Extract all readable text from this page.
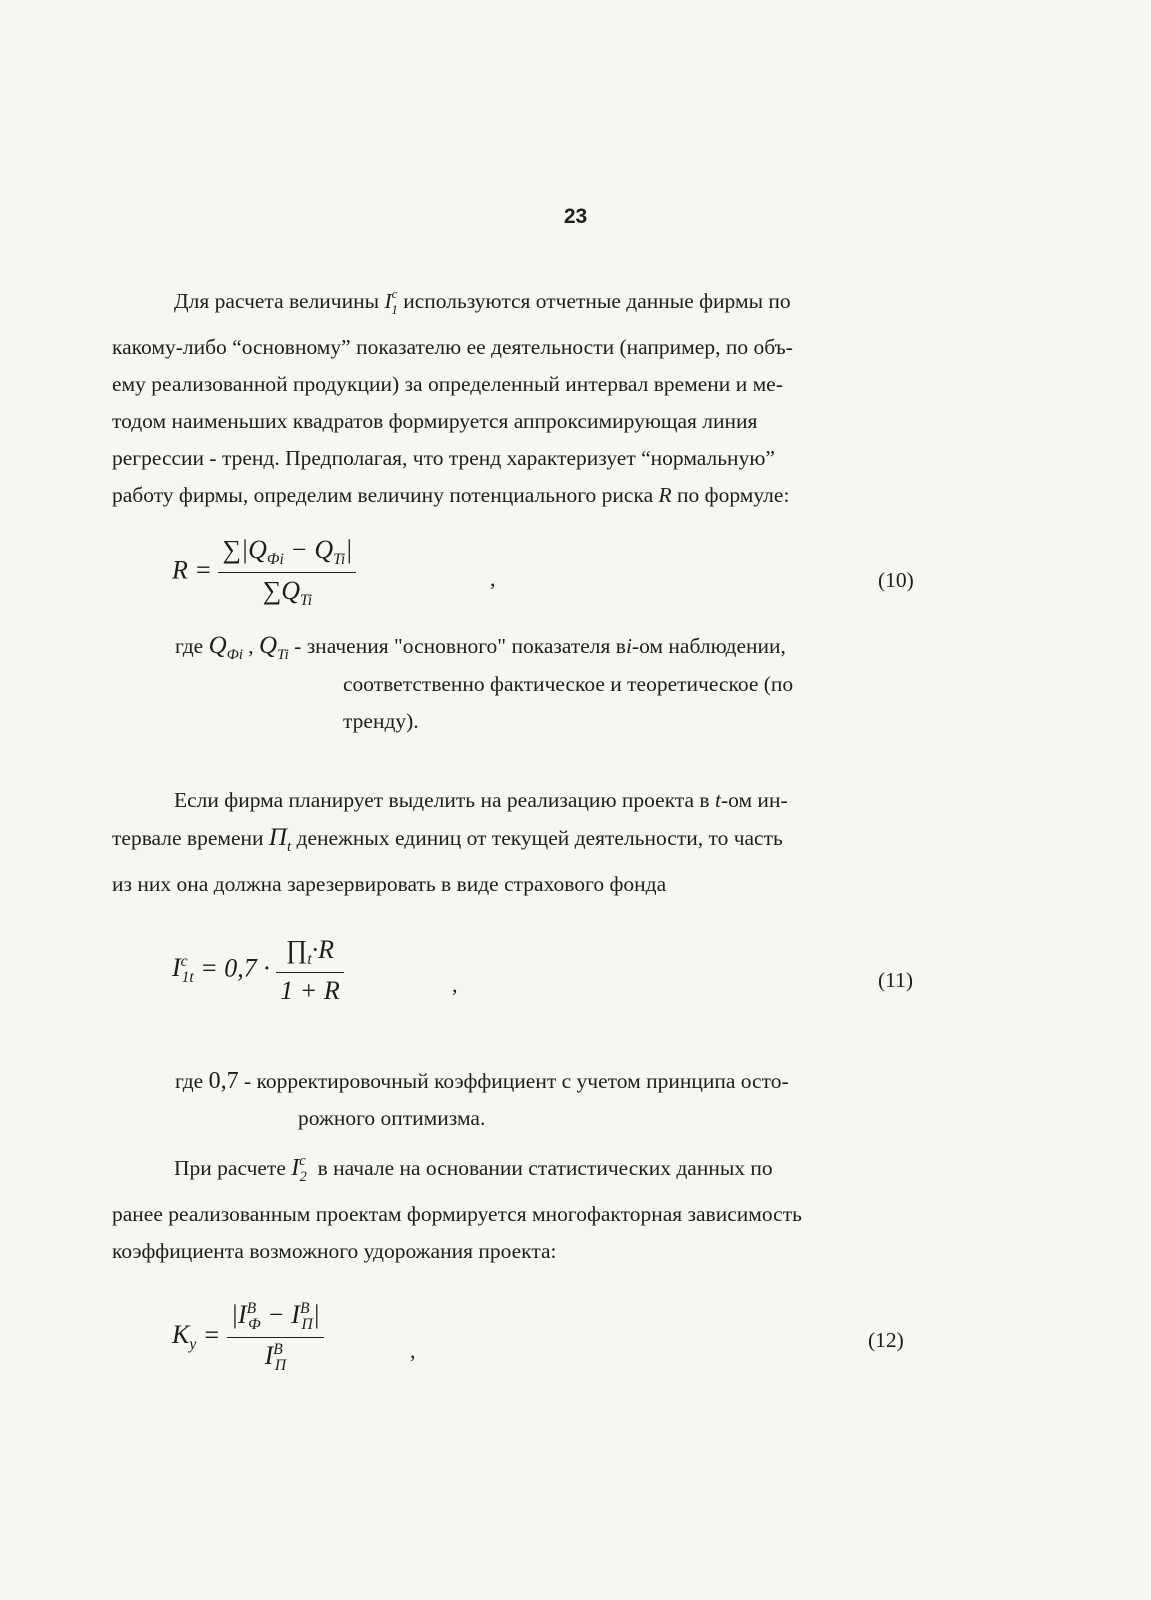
23
Для расчета величины $I^c_1$ используются отчетные данные фирмы по
какому-либо “основному” показателю ее деятельности (например, по объ-
ему реализованной продукции) за определенный интервал времени и ме-
тодом наименьших квадратов формируется аппроксимирующая линия
регрессии - тренд. Предполагая, что тренд характеризует “нормальную”
работу фирмы, определим величину потенциального риска R по формуле:
$R = \frac{\sum|Q_{Фi} - Q_{Ti}|}{\sum Q_{Ti}}$	,	(10)
где $Q_{Фi}$ , $Q_{Ti}$ - значения "основного" показателя вi-ом наблюдении,
соответственно фактическое и теоретическое (по
тренду).
Если фирма планирует выделить на реализацию проекта в t-ом ин-
тервале времени $П_t$ денежных единиц от текущей деятельности, то часть
из них она должна зарезервировать в виде страхового фонда
$I^c_{1t} = 0,7 \cdot \frac{\prod_t\cdot R}{1 + R}$	,	(11)
где 0,7 - корректировочный коэффициент с учетом принципа осто-
рожного оптимизма.
При расчете $I^c_2$ в начале на основании статистических данных по
ранее реализованным проектам формируется многофакторная зависимость
коэффициента возможного удорожания проекта:
$K_y = \frac{|I^B_Ф - I^B_П|}{I^B_П}$	,	(12)
